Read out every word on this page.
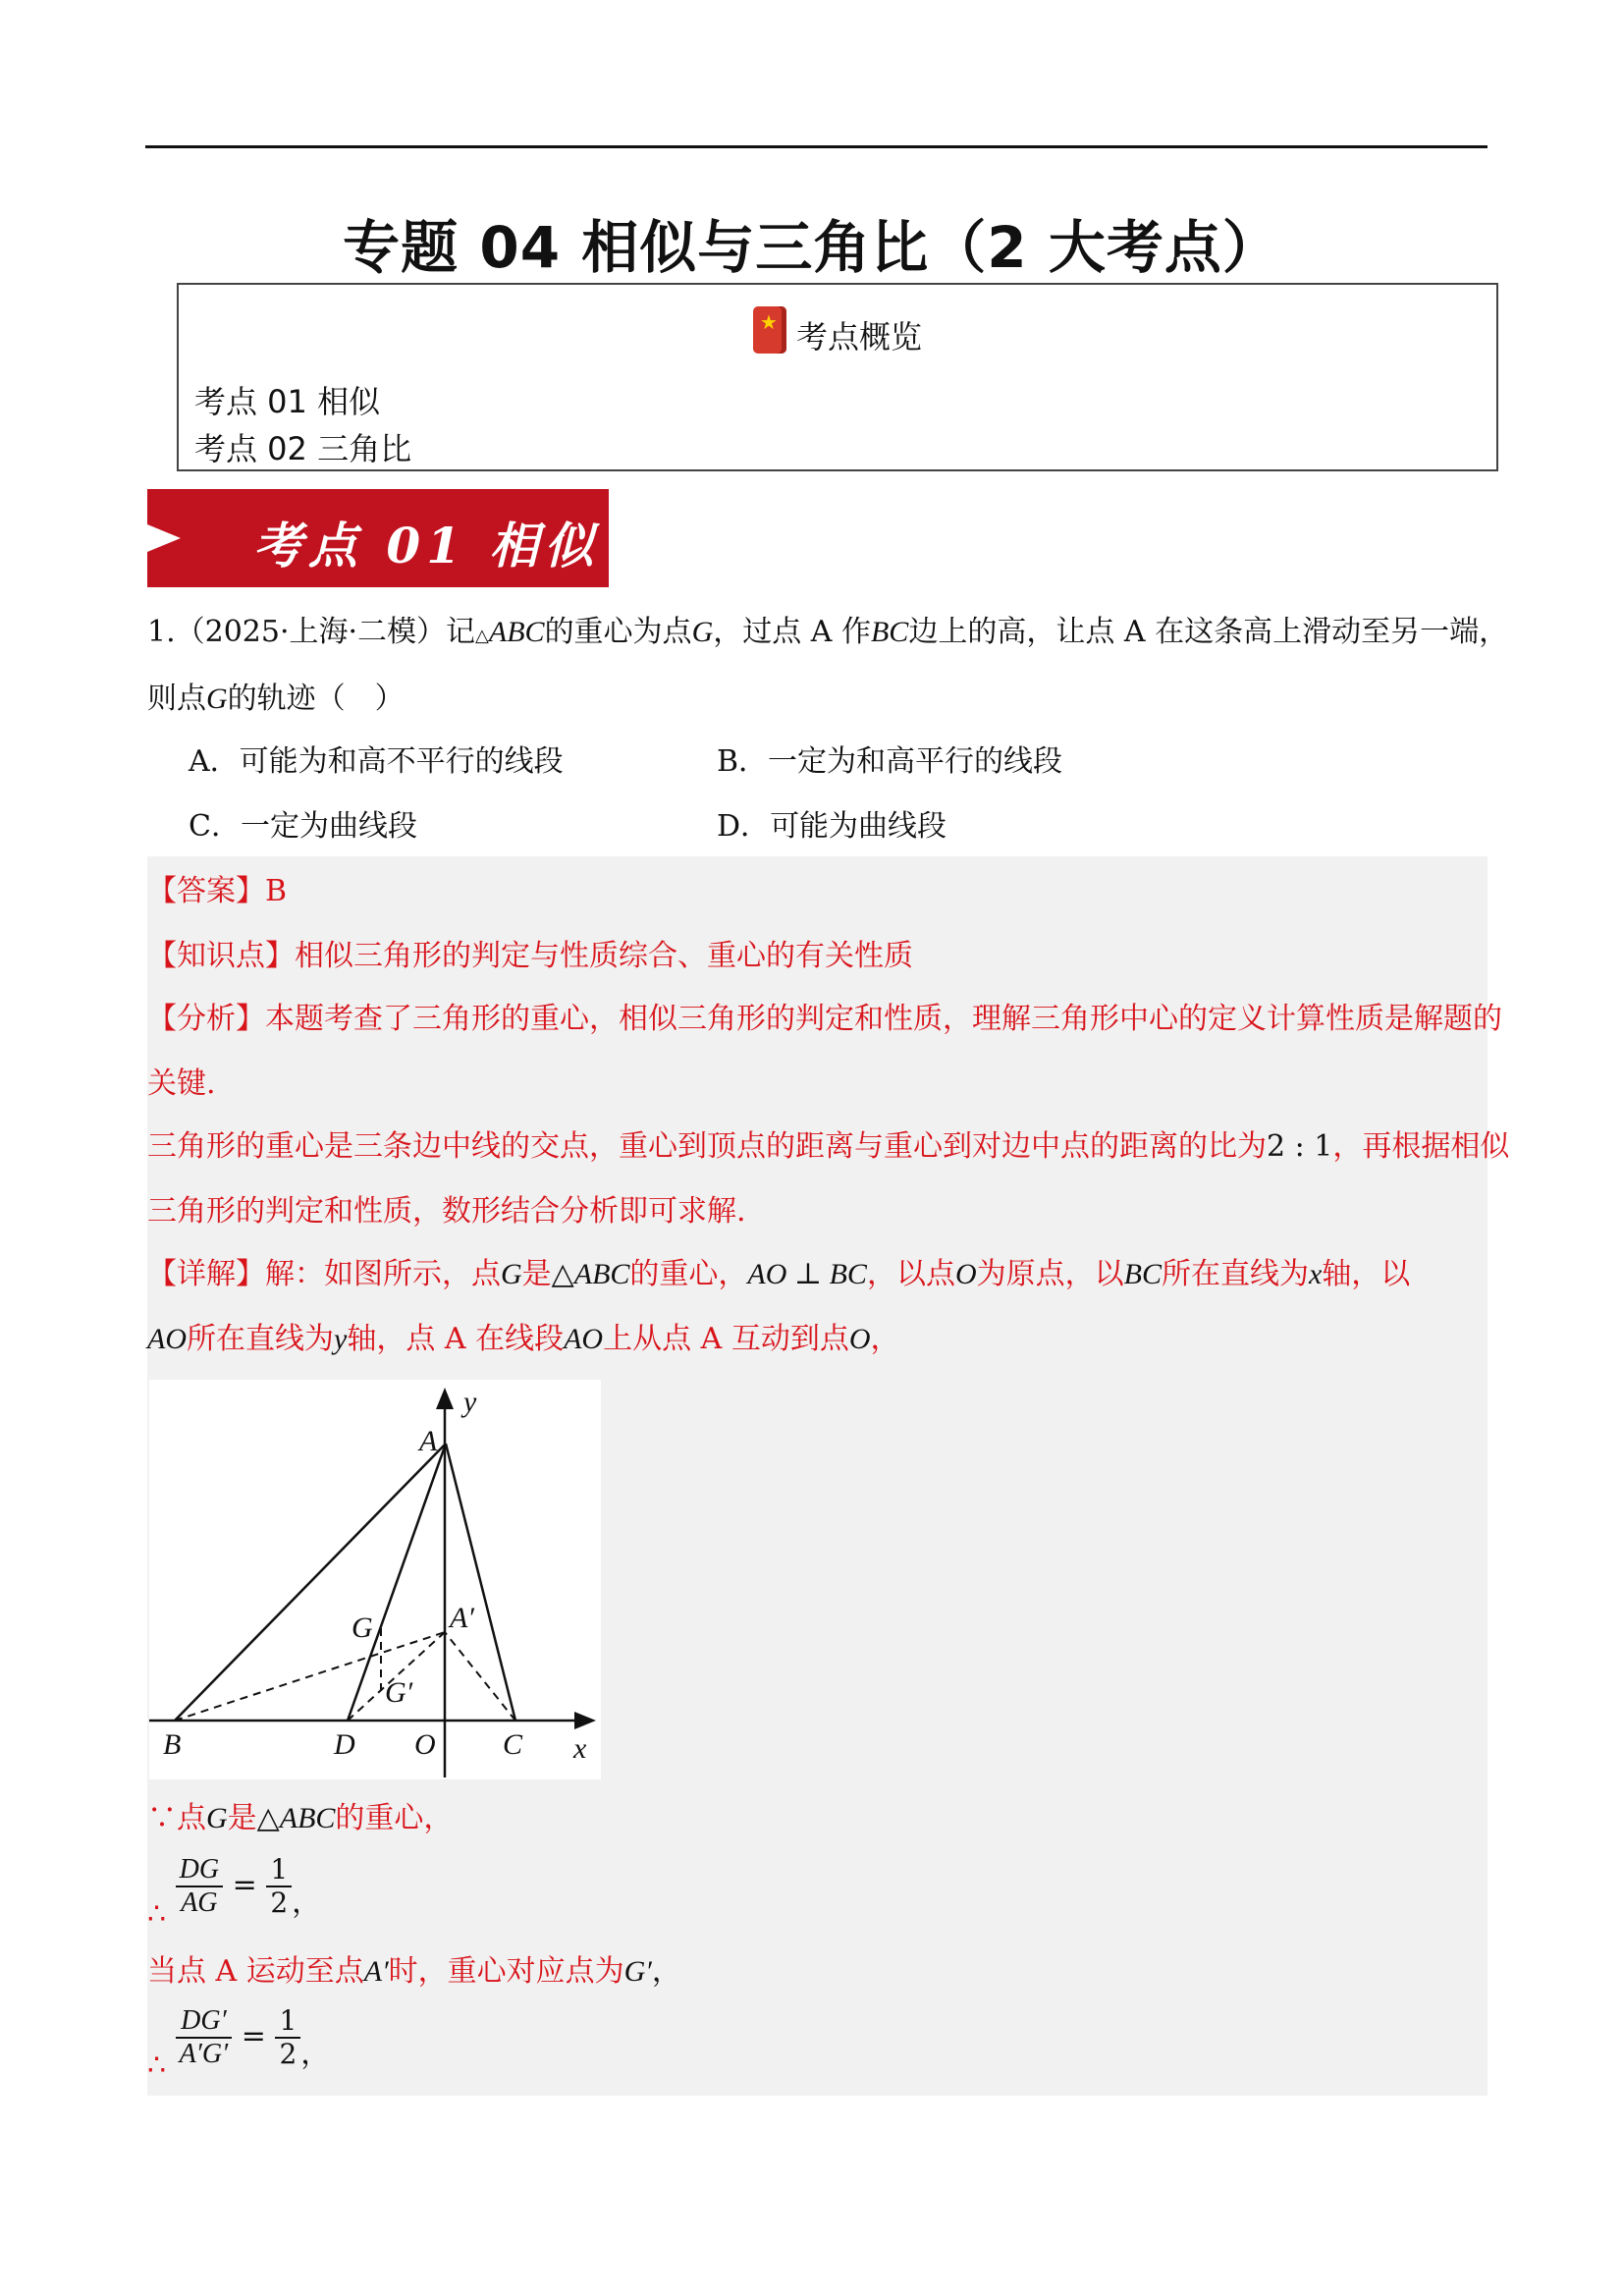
专题 04 相似与三角比（2 大考点）
★ 考点概览
考点 01 相似
考点 02 三角比
考点 01 相似
1.（2025·上海·二模）记△ABC的重心为点G，过点 A 作BC边上的高，让点 A 在这条高上滑动至另一端，
则点G的轨迹（　）
A．可能为和高不平行的线段	B．一定为和高平行的线段
C．一定为曲线段	D．可能为曲线段
【答案】B
【知识点】相似三角形的判定与性质综合、重心的有关性质
【分析】本题考查了三角形的重心，相似三角形的判定和性质，理解三角形中心的定义计算性质是解题的
关键.
三角形的重心是三条边中线的交点，重心到顶点的距离与重心到对边中点的距离的比为2 : 1，再根据相似
三角形的判定和性质，数形结合分析即可求解.
【详解】解：如图所示，点G是△ABC的重心，AO ⊥ BC，以点O为原点，以BC所在直线为x轴，以
AO所在直线为y轴，点 A 在线段AO上从点 A 互动到点O，
∵点G是△ABC的重心，
∴ $\frac{DG}{AG} = \frac{1}{2}$ ，
当点 A 运动至点A′时，重心对应点为G′，
∴ $\frac{DG'}{A'G'} = \frac{1}{2}$ ，
A
y
G	A′
G′
B	D O C x
